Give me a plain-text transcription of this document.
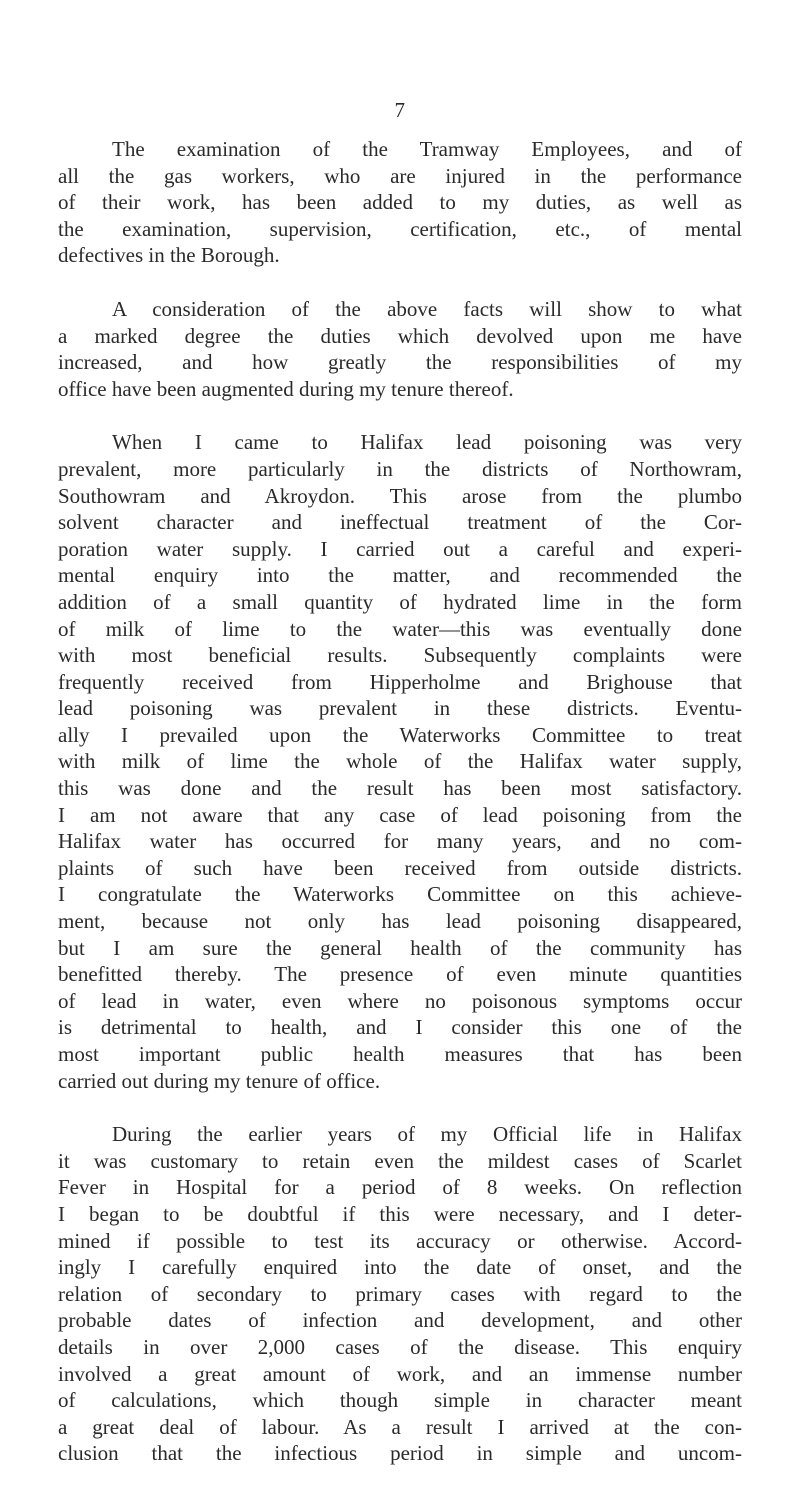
7
The examination of the Tramway Employees, and of
all the gas workers, who are injured in the performance
of their work, has been added to my duties, as well as
the examination, supervision, certification, etc., of mental
defectives in the Borough.
A consideration of the above facts will show to what
a marked degree the duties which devolved upon me have
increased, and how greatly the responsibilities of my
office have been augmented during my tenure thereof.
When I came to Halifax lead poisoning was very
prevalent, more particularly in the districts of Northowram,
Southowram and Akroydon. This arose from the plumbo
solvent character and ineffectual treatment of the Cor-
poration water supply. I carried out a careful and experi-
mental enquiry into the matter, and recommended the
addition of a small quantity of hydrated lime in the form
of milk of lime to the water—this was eventually done
with most beneficial results. Subsequently complaints were
frequently received from Hipperholme and Brighouse that
lead poisoning was prevalent in these districts. Eventu-
ally I prevailed upon the Waterworks Committee to treat
with milk of lime the whole of the Halifax water supply,
this was done and the result has been most satisfactory.
I am not aware that any case of lead poisoning from the
Halifax water has occurred for many years, and no com-
plaints of such have been received from outside districts.
I congratulate the Waterworks Committee on this achieve-
ment, because not only has lead poisoning disappeared,
but I am sure the general health of the community has
benefitted thereby. The presence of even minute quantities
of lead in water, even where no poisonous symptoms occur
is detrimental to health, and I consider this one of the
most important public health measures that has been
carried out during my tenure of office.
During the earlier years of my Official life in Halifax
it was customary to retain even the mildest cases of Scarlet
Fever in Hospital for a period of 8 weeks. On reflection
I began to be doubtful if this were necessary, and I deter-
mined if possible to test its accuracy or otherwise. Accord-
ingly I carefully enquired into the date of onset, and the
relation of secondary to primary cases with regard to the
probable dates of infection and development, and other
details in over 2,000 cases of the disease. This enquiry
involved a great amount of work, and an immense number
of calculations, which though simple in character meant
a great deal of labour. As a result I arrived at the con-
clusion that the infectious period in simple and uncom-
